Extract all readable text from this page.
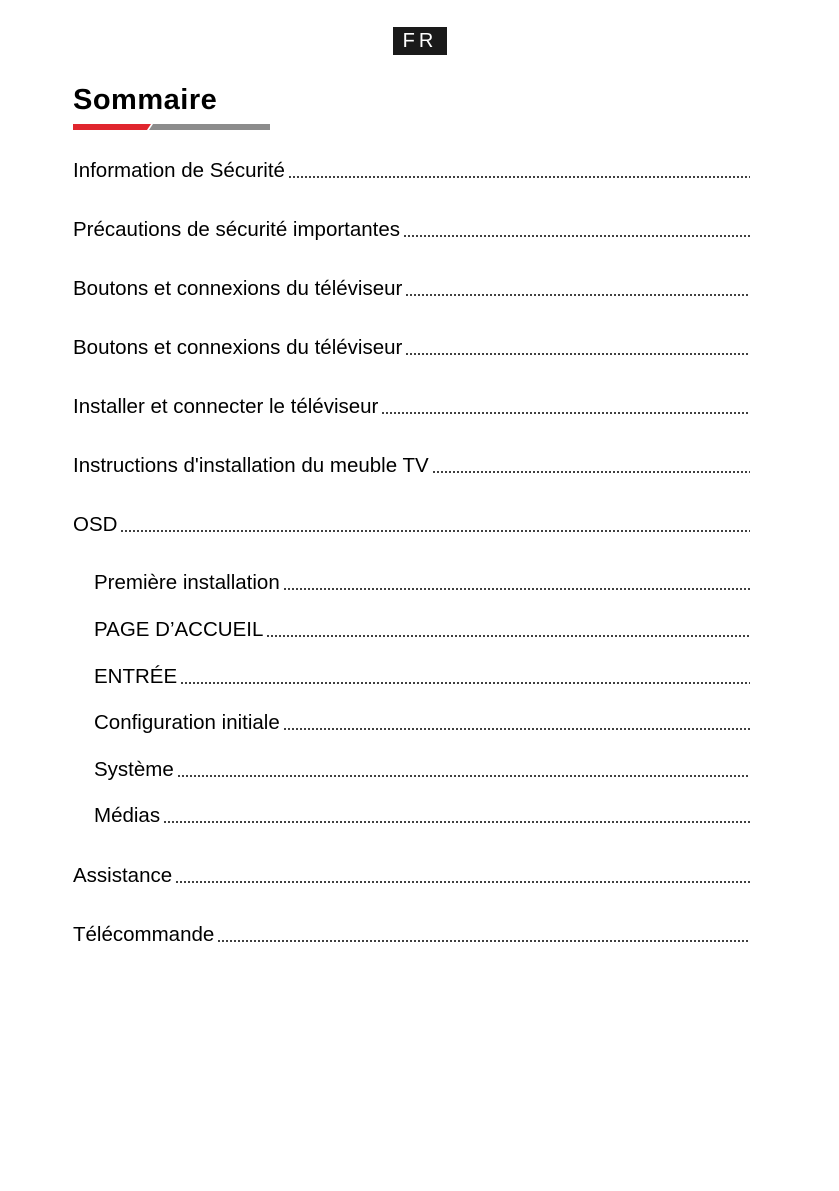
FR
Sommaire
Information de Sécurité
Précautions de sécurité importantes
Boutons et connexions du téléviseur
Boutons et connexions du téléviseur
Installer et connecter le téléviseur
Instructions d'installation du meuble TV
OSD
Première installation
PAGE D’ACCUEIL
ENTRÉE
Configuration initiale
Système
Médias
Assistance
Télécommande
